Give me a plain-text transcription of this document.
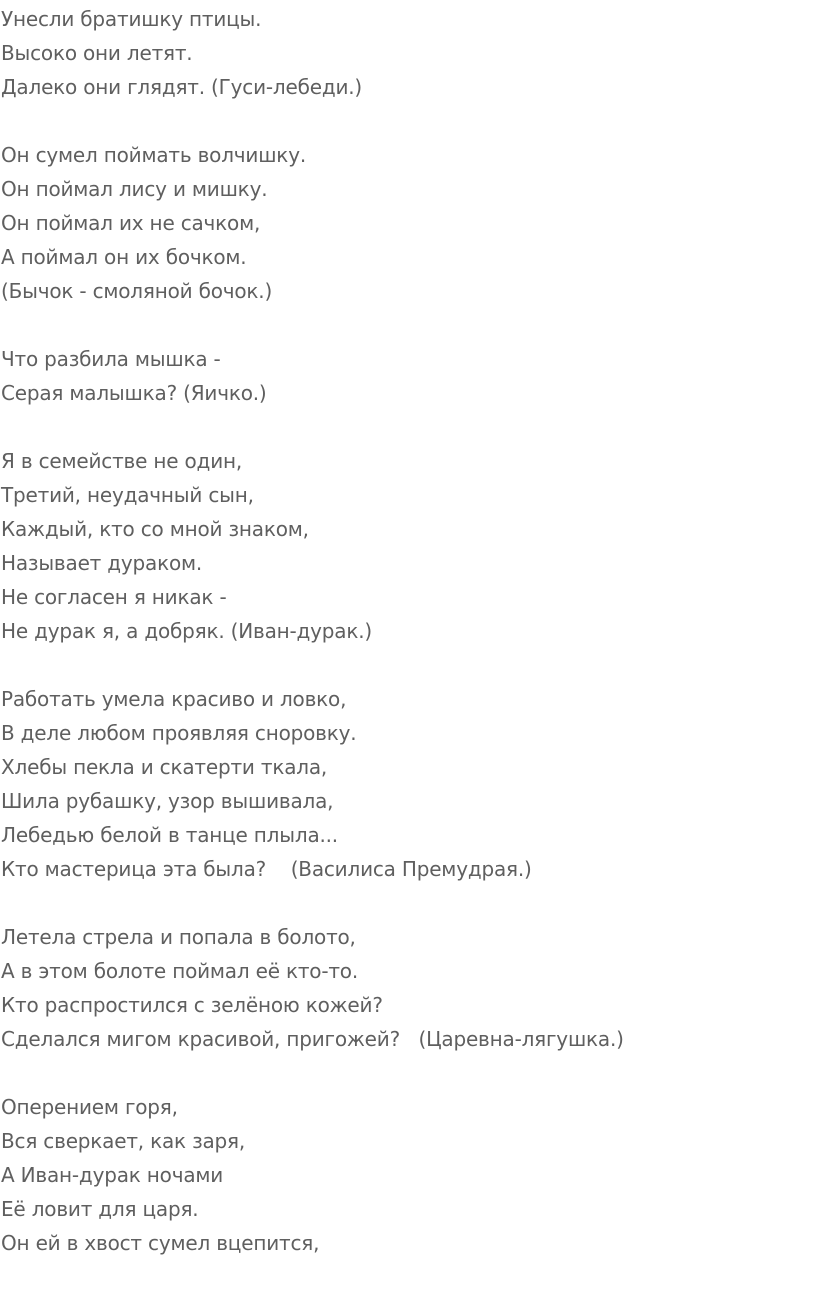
Унесли братишку птицы.
Высоко они летят.
Далеко они глядят. (Гуси-лебеди.)
Он сумел поймать волчишку.
Он поймал лису и мишку.
Он поймал их не сачком,
А поймал он их бочком.
(Бычок - смоляной бочок.)
Что разбила мышка -
Серая малышка? (Яичко.)
Я в семействе не один,
Третий, неудачный сын,
Каждый, кто со мной знаком,
Называет дураком.
Не согласен я никак -
Не дурак я, а добряк. (Иван-дурак.)
Работать умела красиво и ловко,
В деле любом проявляя сноровку.
Хлебы пекла и скатерти ткала,
Шила рубашку, узор вышивала,
Лебедью белой в танце плыла...
Кто мастерица эта была?    (Василиса Премудрая.)
Летела стрела и попала в болото,
А в этом болоте поймал её кто-то.
Кто распростился с зелёною кожей?
Сделался мигом красивой, пригожей?   (Царевна-лягушка.)
Оперением горя,
Вся сверкает, как заря,
А Иван-дурак ночами
Её ловит для царя.
Он ей в хвост сумел вцепится,
